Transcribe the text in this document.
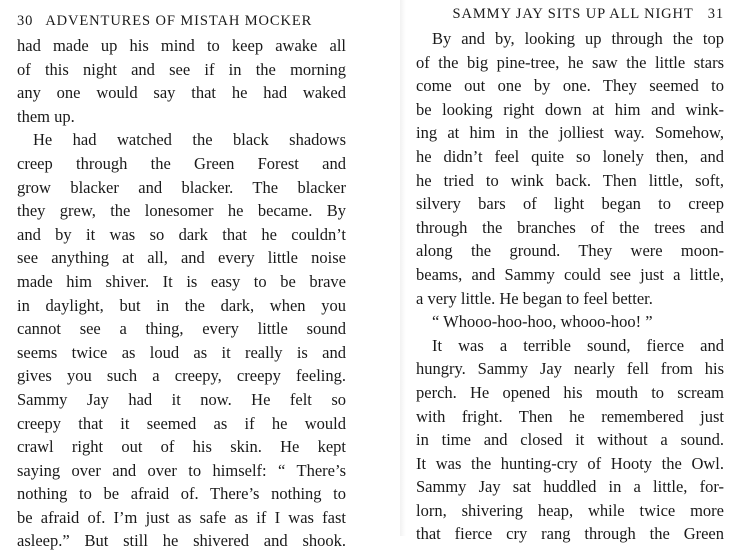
30 ADVENTURES OF MISTAH MOCKER
had made up his mind to keep awake all
of this night and see if in the morning
any one would say that he had waked
them up.
He had watched the black shadows
creep through the Green Forest and
grow blacker and blacker. The blacker
they grew, the lonesomer he became. By
and by it was so dark that he couldn’t
see anything at all, and every little noise
made him shiver. It is easy to be brave
in daylight, but in the dark, when you
cannot see a thing, every little sound
seems twice as loud as it really is and
gives you such a creepy, creepy feeling.
Sammy Jay had it now. He felt so
creepy that it seemed as if he would
crawl right out of his skin. He kept
saying over and over to himself: “ There’s
nothing to be afraid of. There’s nothing to
be afraid of. I’m just as safe as if I was fast
asleep.” But still he shivered and shook.
SAMMY JAY SITS UP ALL NIGHT 31
By and by, looking up through the top
of the big pine-tree, he saw the little stars
come out one by one. They seemed to
be looking right down at him and wink-
ing at him in the jolliest way. Somehow,
he didn’t feel quite so lonely then, and
he tried to wink back. Then little, soft,
silvery bars of light began to creep
through the branches of the trees and
along the ground. They were moon-
beams, and Sammy could see just a little,
a very little. He began to feel better.
“ Whooo-hoo-hoo, whooo-hoo! ”
It was a terrible sound, fierce and
hungry. Sammy Jay nearly fell from his
perch. He opened his mouth to scream
with fright. Then he remembered just
in time and closed it without a sound.
It was the hunting-cry of Hooty the Owl.
Sammy Jay sat huddled in a little, for-
lorn, shivering heap, while twice more
that fierce cry rang through the Green
